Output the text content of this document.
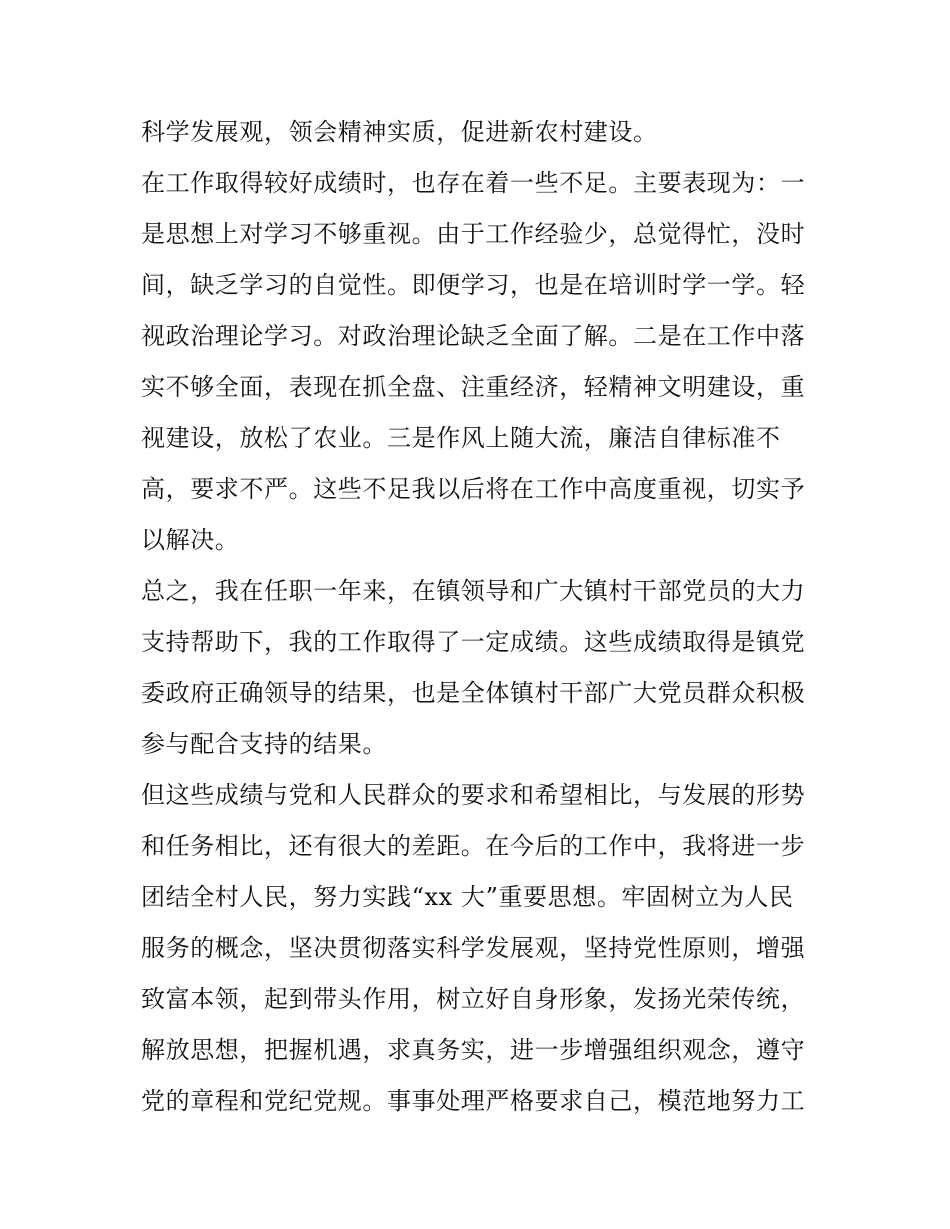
科学发展观，领会精神实质，促进新农村建设。
在工作取得较好成绩时，也存在着一些不足。主要表现为：一
是思想上对学习不够重视。由于工作经验少，总觉得忙，没时
间，缺乏学习的自觉性。即便学习，也是在培训时学一学。轻
视政治理论学习。对政治理论缺乏全面了解。二是在工作中落
实不够全面，表现在抓全盘、注重经济，轻精神文明建设，重
视建设，放松了农业。三是作风上随大流，廉洁自律标准不
高，要求不严。这些不足我以后将在工作中高度重视，切实予
以解决。
总之，我在任职一年来，在镇领导和广大镇村干部党员的大力
支持帮助下，我的工作取得了一定成绩。这些成绩取得是镇党
委政府正确领导的结果，也是全体镇村干部广大党员群众积极
参与配合支持的结果。
但这些成绩与党和人民群众的要求和希望相比，与发展的形势
和任务相比，还有很大的差距。在今后的工作中，我将进一步
团结全村人民，努力实践“xx 大”重要思想。牢固树立为人民
服务的概念，坚决贯彻落实科学发展观，坚持党性原则，增强
致富本领，起到带头作用，树立好自身形象，发扬光荣传统，
解放思想，把握机遇，求真务实，进一步增强组织观念，遵守
党的章程和党纪党规。事事处理严格要求自己，模范地努力工
